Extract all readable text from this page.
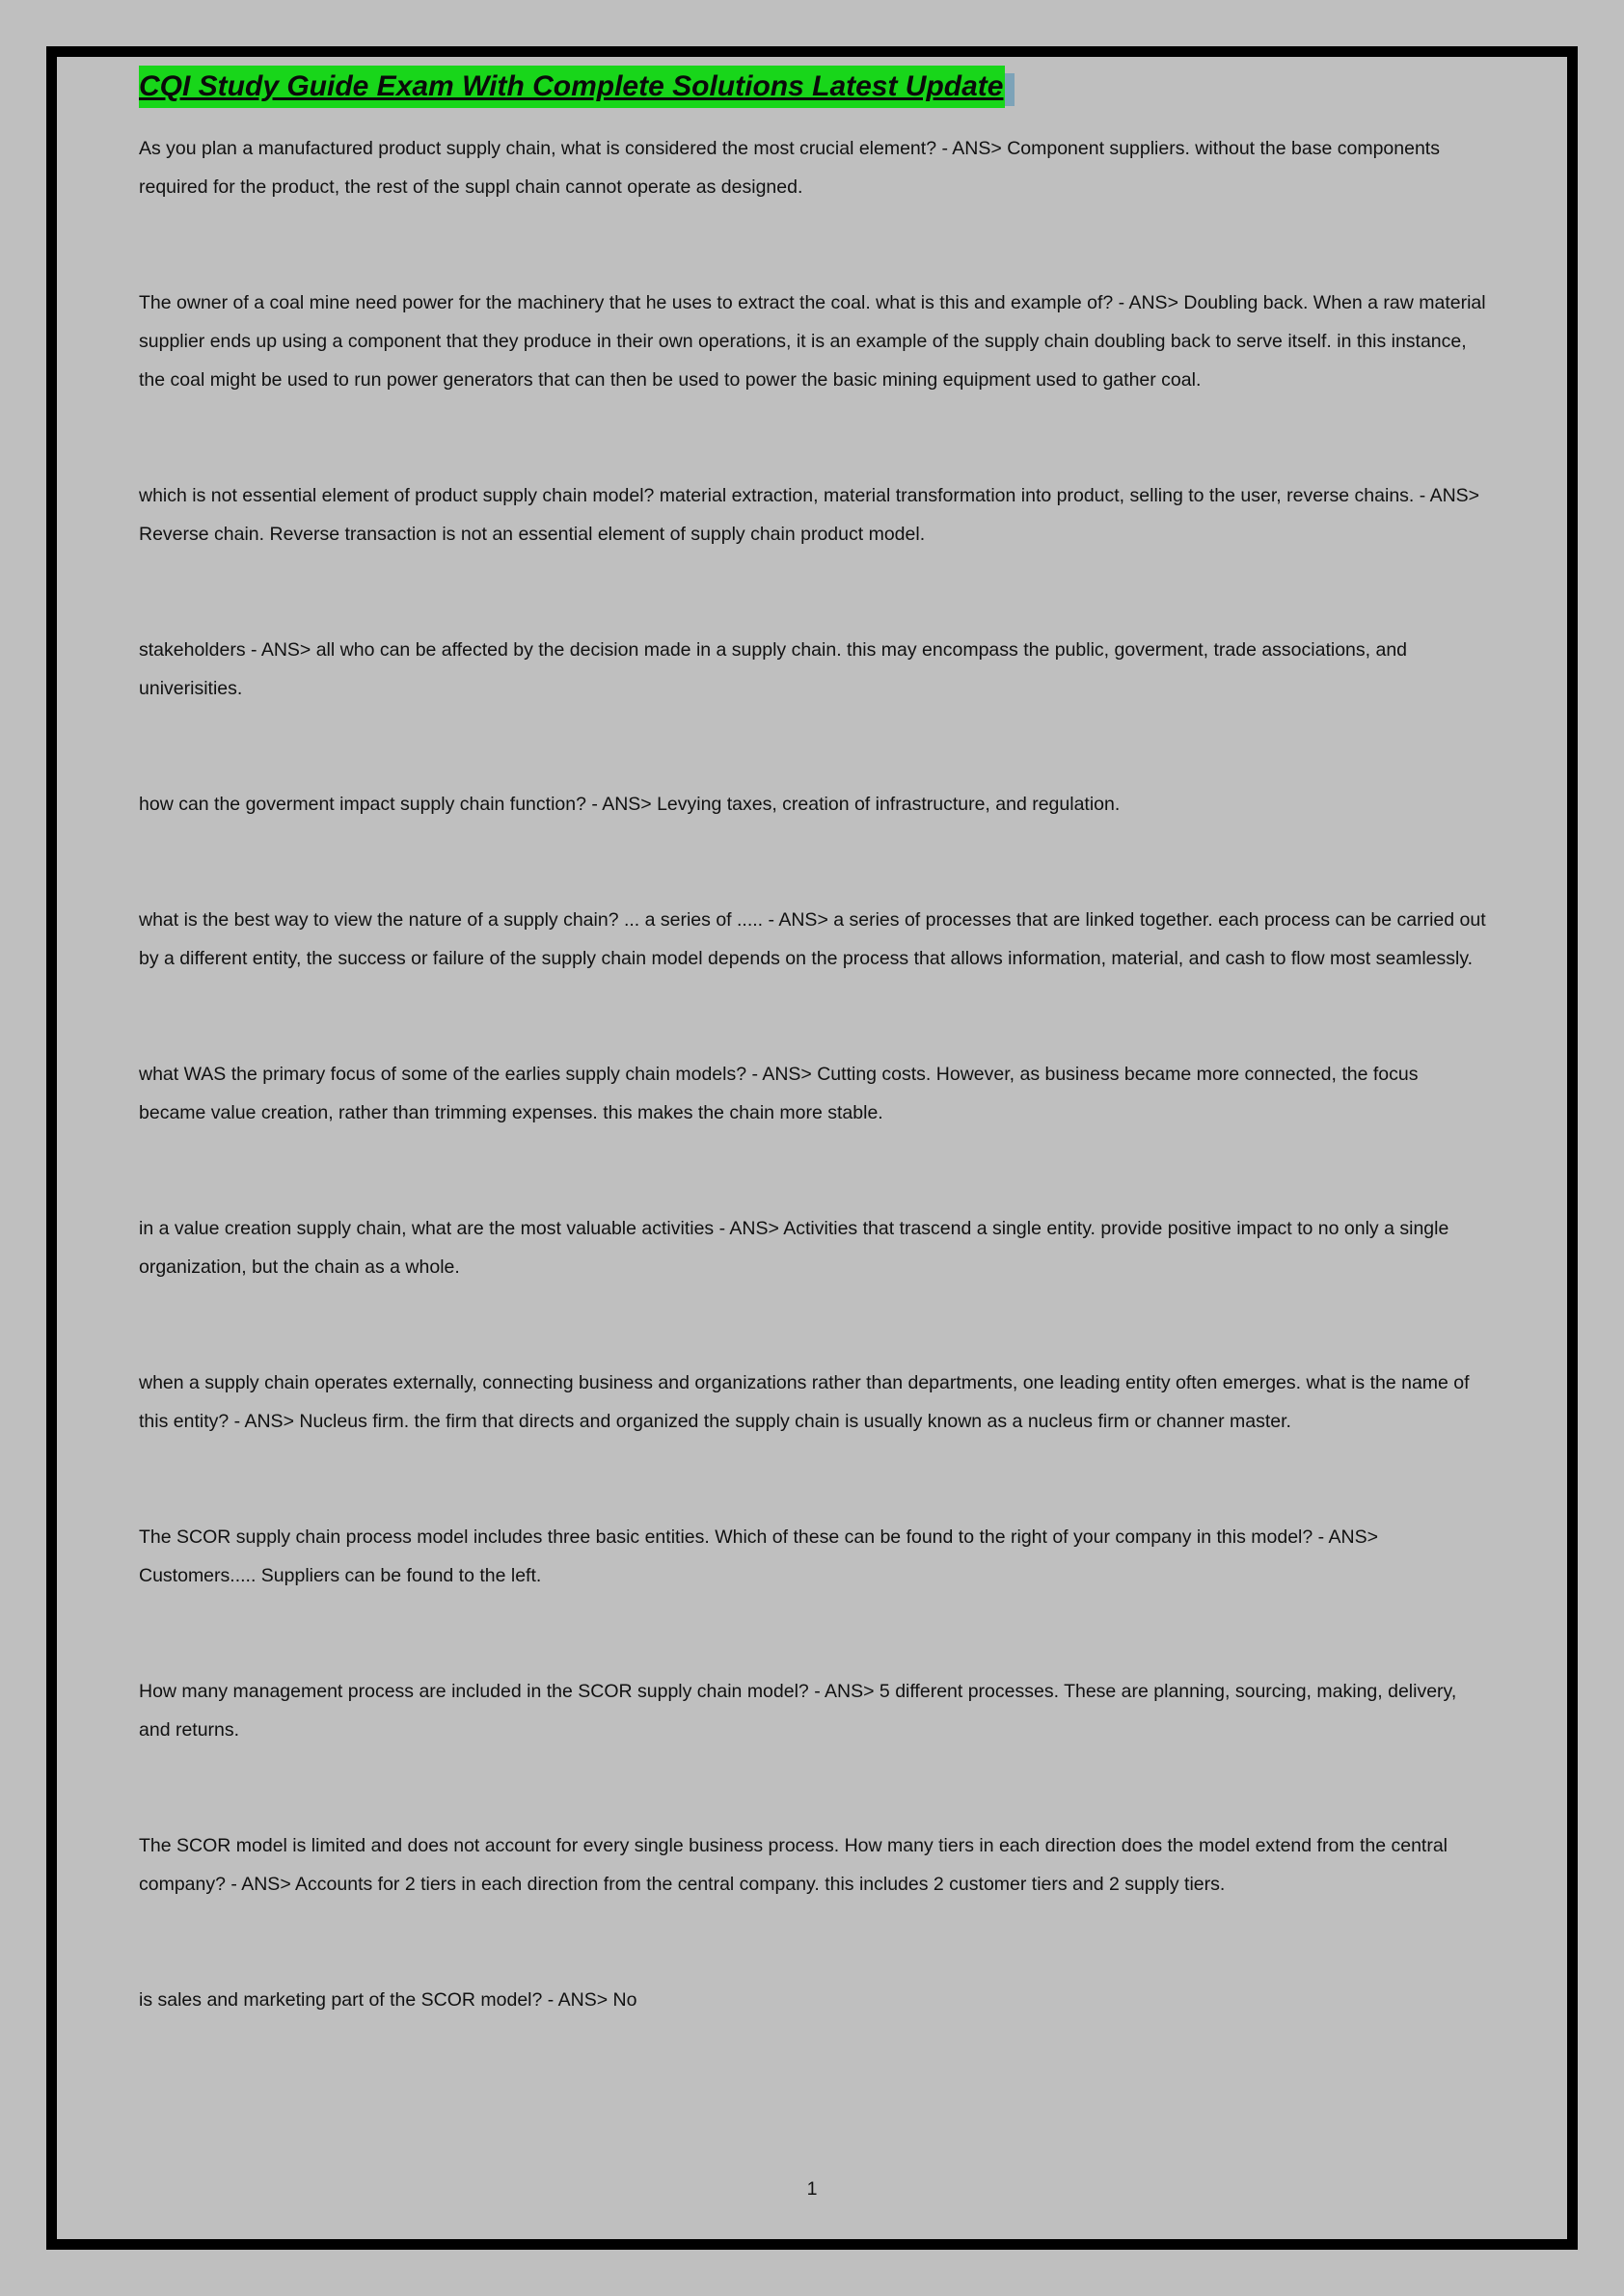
CQI Study Guide Exam With Complete Solutions Latest Update

As you plan a manufactured product supply chain, what is considered the most crucial element? - ANS> Component suppliers. without the base components required for the product, the rest of the suppl chain cannot operate as designed.

The owner of a coal mine need power for the machinery that he uses to extract the coal. what is this and example of? - ANS> Doubling back. When a raw material supplier ends up using a component that they produce in their own operations, it is an example of the supply chain doubling back to serve itself. in this instance, the coal might be used to run power generators that can then be used to power the basic mining equipment used to gather coal.

which is not essential element of product supply chain model? material extraction, material transformation into product, selling to the user, reverse chains. - ANS> Reverse chain. Reverse transaction is not an essential element of supply chain product model.

stakeholders - ANS> all who can be affected by the decision made in a supply chain. this may encompass the public, goverment, trade associations, and univerisities.

how can the goverment impact supply chain function? - ANS> Levying taxes, creation of infrastructure, and regulation.

what is the best way to view the nature of a supply chain? ... a series of ..... - ANS> a series of processes that are linked together. each process can be carried out by a different entity, the success or failure of the supply chain model depends on the process that allows information, material, and cash to flow most seamlessly.

what WAS the primary focus of some of the earlies supply chain models? - ANS> Cutting costs. However, as business became more connected, the focus became value creation, rather than trimming expenses. this makes the chain more stable.

in a value creation supply chain, what are the most valuable activities - ANS> Activities that trascend a single entity. provide positive impact to no only a single organization, but the chain as a whole.

when a supply chain operates externally, connecting business and organizations rather than departments, one leading entity often emerges. what is the name of this entity? - ANS> Nucleus firm. the firm that directs and organized the supply chain is usually known as a nucleus firm or channer master.

The SCOR supply chain process model includes three basic entities. Which of these can be found to the right of your company in this model? - ANS> Customers..... Suppliers can be found to the left.

How many management process are included in the SCOR supply chain model? - ANS> 5 different processes. These are planning, sourcing, making, delivery, and returns.

The SCOR model is limited and does not account for every single business process. How many tiers in each direction does the model extend from the central company? - ANS> Accounts for 2 tiers in each direction from the central company. this includes 2 customer tiers and 2 supply tiers.

is sales and marketing part of the SCOR model? - ANS> No

1
